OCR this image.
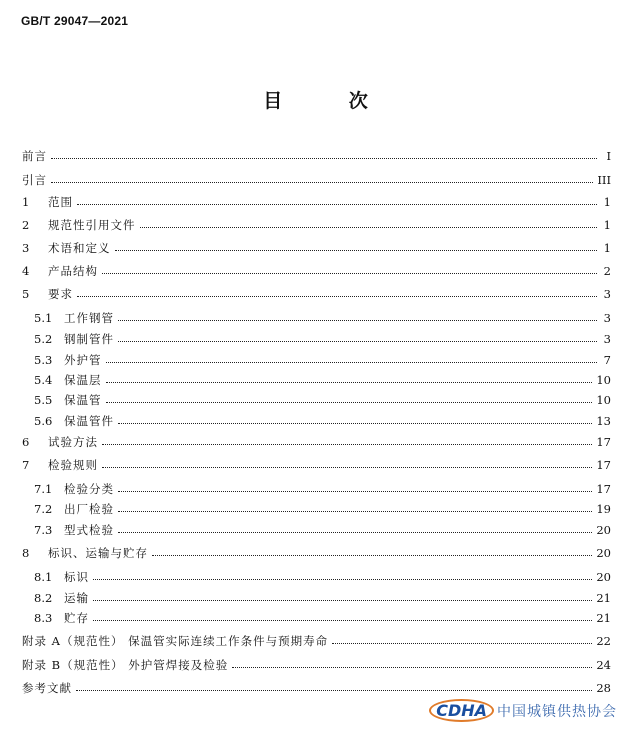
GB/T 29047—2021
目 次
前言	I
引言	III
1	范围	1
2	规范性引用文件	1
3	术语和定义	1
4	产品结构	2
5	要求	3
5.1	工作钢管	3
5.2	钢制管件	3
5.3	外护管	7
5.4	保温层	10
5.5	保温管	10
5.6	保温管件	13
6	试验方法	17
7	检验规则	17
7.1	检验分类	17
7.2	出厂检验	19
7.3	型式检验	20
8	标识、运输与贮存	20
8.1	标识	20
8.2	运输	21
8.3	贮存	21
附录 A（规范性） 保温管实际连续工作条件与预期寿命	22
附录 B（规范性） 外护管焊接及检验	24
参考文献	28
CDHA 中国城镇供热协会
